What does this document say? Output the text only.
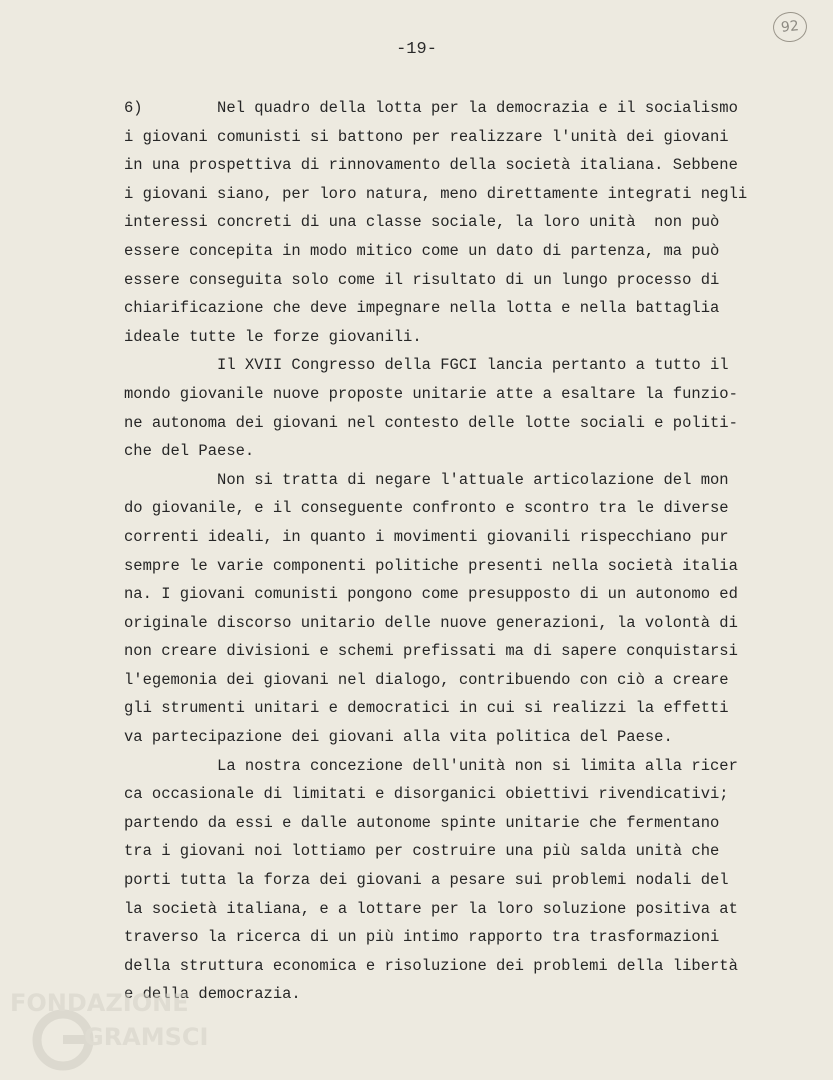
92
-19-
6)        Nel quadro della lotta per la democrazia e il socialismo
i giovani comunisti si battono per realizzare l'unità dei giovani
in una prospettiva di rinnovamento della società italiana. Sebbene
i giovani siano, per loro natura, meno direttamente integrati negli
interessi concreti di una classe sociale, la loro unità  non può
essere concepita in modo mitico come un dato di partenza, ma può
essere conseguita solo come il risultato di un lungo processo di
chiarificazione che deve impegnare nella lotta e nella battaglia
ideale tutte le forze giovanili.
Il XVII Congresso della FGCI lancia pertanto a tutto il
mondo giovanile nuove proposte unitarie atte a esaltare la funzio-
ne autonoma dei giovani nel contesto delle lotte sociali e politi-
che del Paese.
Non si tratta di negare l'attuale articolazione del mon
do giovanile, e il conseguente confronto e scontro tra le diverse
correnti ideali, in quanto i movimenti giovanili rispecchiano pur
sempre le varie componenti politiche presenti nella società italia
na. I giovani comunisti pongono come presupposto di un autonomo ed
originale discorso unitario delle nuove generazioni, la volontà di
non creare divisioni e schemi prefissati ma di sapere conquistarsi
l'egemonia dei giovani nel dialogo, contribuendo con ciò a creare
gli strumenti unitari e democratici in cui si realizzi la effetti
va partecipazione dei giovani alla vita politica del Paese.
La nostra concezione dell'unità non si limita alla ricer
ca occasionale di limitati e disorganici obiettivi rivendicativi;
partendo da essi e dalle autonome spinte unitarie che fermentano
tra i giovani noi lottiamo per costruire una più salda unità che
porti tutta la forza dei giovani a pesare sui problemi nodali del
la società italiana, e a lottare per la loro soluzione positiva at
traverso la ricerca di un più intimo rapporto tra trasformazioni
della struttura economica e risoluzione dei problemi della libertà
e della democrazia.
FONDAZIONE
GRAMSCI
